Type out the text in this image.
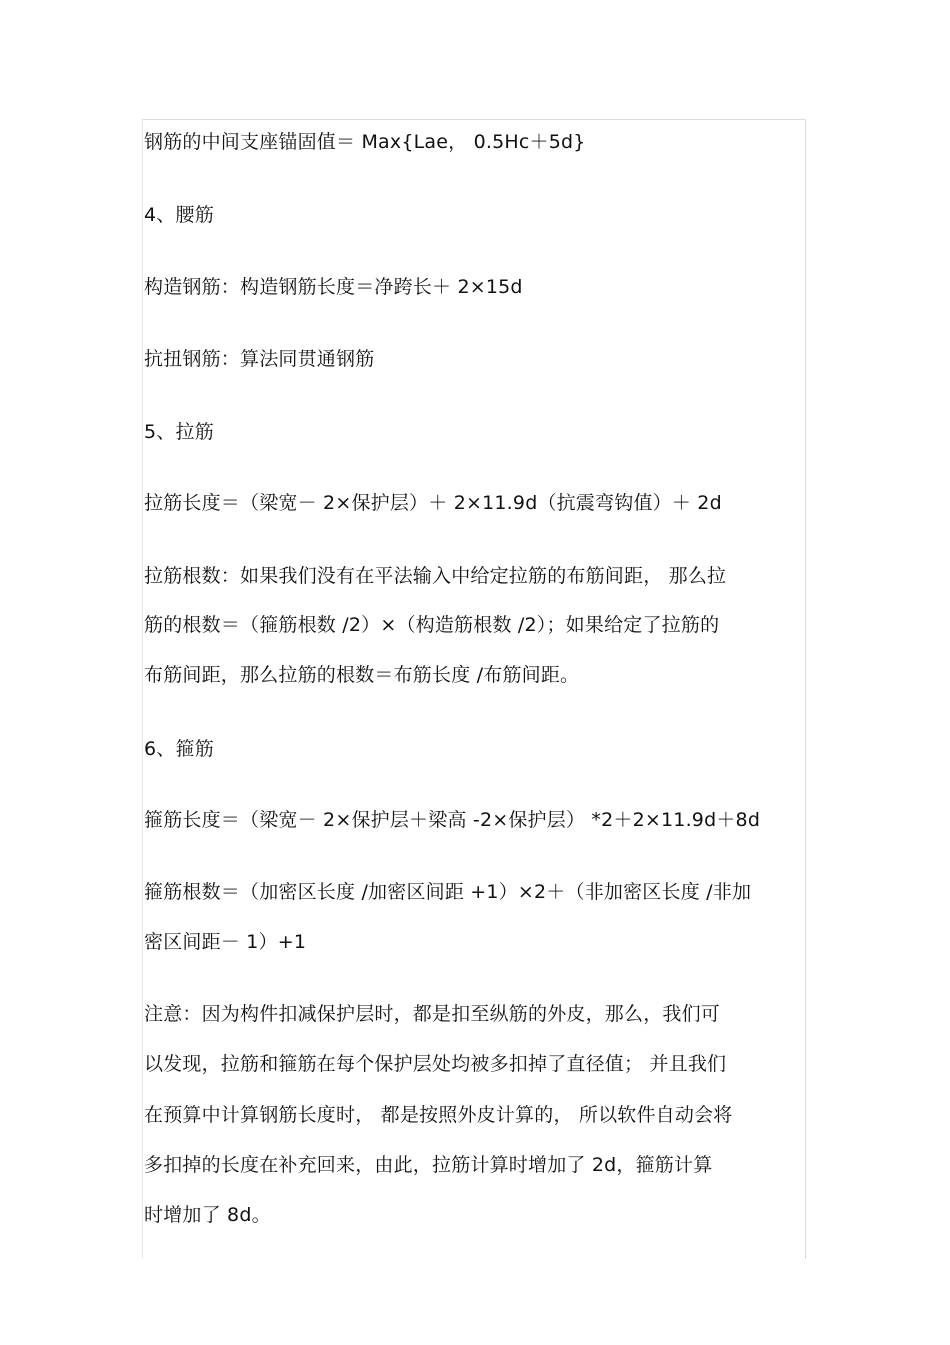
钢筋的中间支座锚固值＝ Max{Lae， 0.5Hc＋5d}
4、腰筋
构造钢筋：构造钢筋长度＝净跨长＋ 2×15d
抗扭钢筋：算法同贯通钢筋
5、拉筋
拉筋长度＝（梁宽－ 2×保护层）＋ 2×11.9d（抗震弯钩值）＋ 2d
拉筋根数：如果我们没有在平法输入中给定拉筋的布筋间距， 那么拉
筋的根数＝（箍筋根数 /2）×（构造筋根数 /2）；如果给定了拉筋的
布筋间距，那么拉筋的根数＝布筋长度 /布筋间距。
6、箍筋
箍筋长度＝（梁宽－ 2×保护层＋梁高 -2×保护层） *2＋2×11.9d＋8d
箍筋根数＝（加密区长度 /加密区间距 +1）×2＋（非加密区长度 /非加
密区间距－ 1）+1
注意：因为构件扣减保护层时，都是扣至纵筋的外皮，那么，我们可
以发现，拉筋和箍筋在每个保护层处均被多扣掉了直径值； 并且我们
在预算中计算钢筋长度时， 都是按照外皮计算的， 所以软件自动会将
多扣掉的长度在补充回来，由此，拉筋计算时增加了 2d，箍筋计算
时增加了 8d。
